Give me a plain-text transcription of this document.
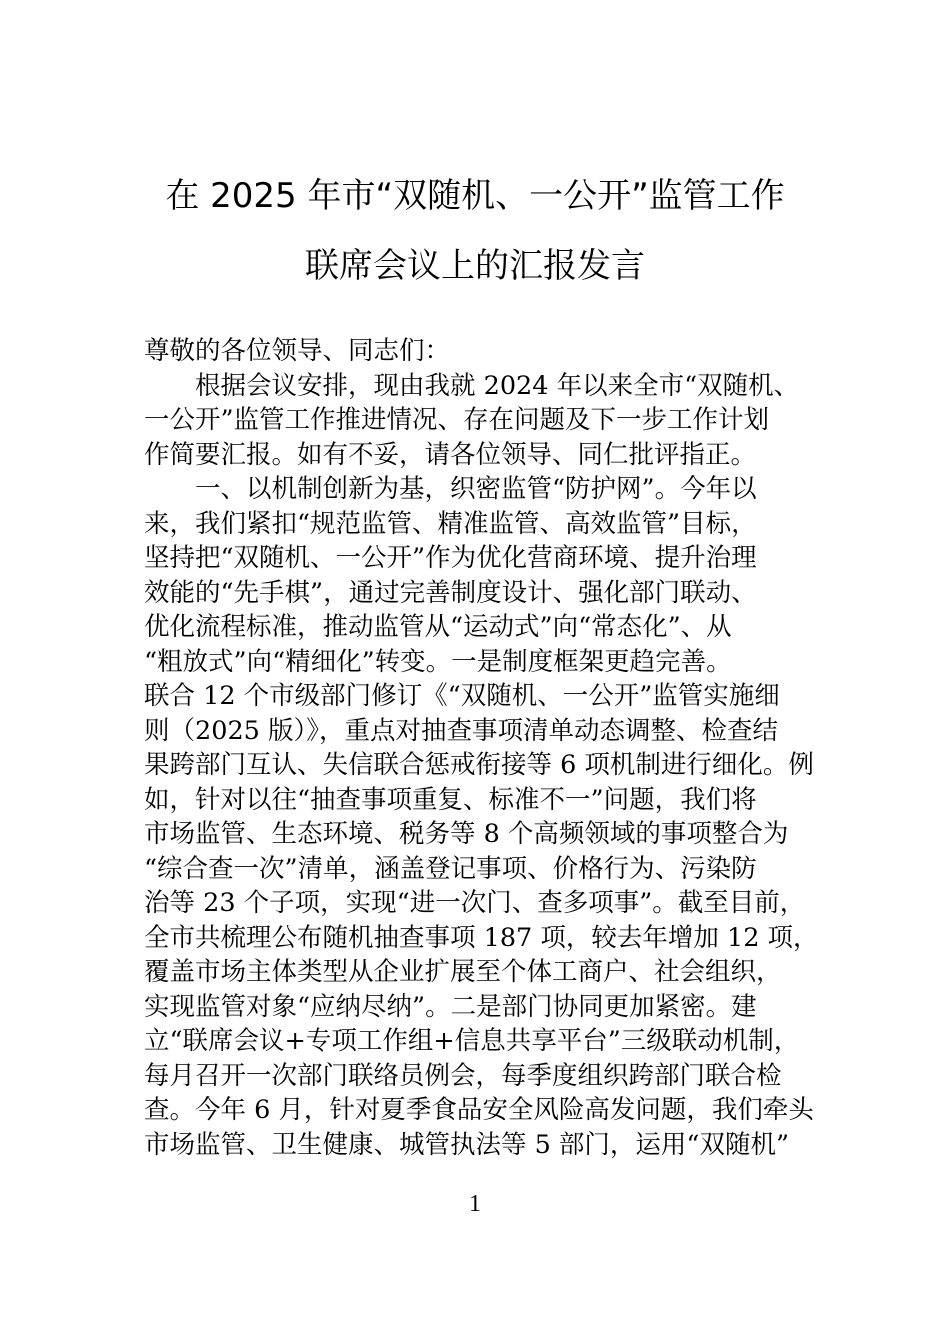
在 2025 年市“双随机、一公开”监管工作
联席会议上的汇报发言
尊敬的各位领导、同志们：
根据会议安排，现由我就 2024 年以来全市“双随机、
一公开”监管工作推进情况、存在问题及下一步工作计划
作简要汇报。如有不妥，请各位领导、同仁批评指正。
一、以机制创新为基，织密监管“防护网”。今年以
来，我们紧扣“规范监管、精准监管、高效监管”目标，
坚持把“双随机、一公开”作为优化营商环境、提升治理
效能的“先手棋”，通过完善制度设计、强化部门联动、
优化流程标准，推动监管从“运动式”向“常态化”、从
“粗放式”向“精细化”转变。一是制度框架更趋完善。
联合 12 个市级部门修订《“双随机、一公开”监管实施细
则（2025 版）》，重点对抽查事项清单动态调整、检查结
果跨部门互认、失信联合惩戒衔接等 6 项机制进行细化。例
如，针对以往“抽查事项重复、标准不一”问题，我们将
市场监管、生态环境、税务等 8 个高频领域的事项整合为
“综合查一次”清单，涵盖登记事项、价格行为、污染防
治等 23 个子项，实现“进一次门、查多项事”。截至目前，
全市共梳理公布随机抽查事项 187 项，较去年增加 12 项，
覆盖市场主体类型从企业扩展至个体工商户、社会组织，
实现监管对象“应纳尽纳”。二是部门协同更加紧密。建
立“联席会议+专项工作组+信息共享平台”三级联动机制，
每月召开一次部门联络员例会，每季度组织跨部门联合检
查。今年 6 月，针对夏季食品安全风险高发问题，我们牵头
市场监管、卫生健康、城管执法等 5 部门，运用“双随机”
1
